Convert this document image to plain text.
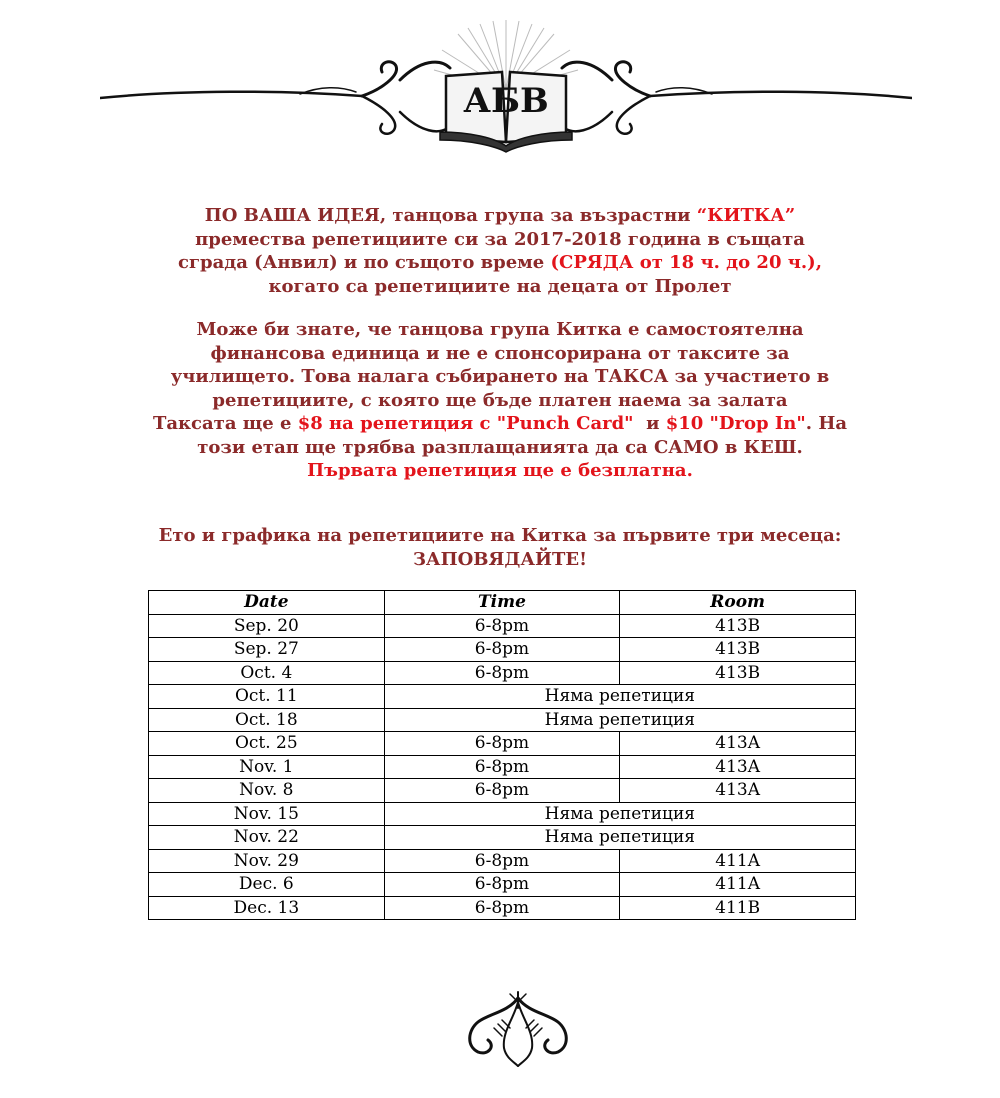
АБВ
ПО ВАША ИДЕЯ, танцова група за възрастни “КИТКА”
премества репетициите си за 2017-2018 година в същата
сграда (Анвил) и по същото време (СРЯДА от 18 ч. до 20 ч.),
когато са репетициите на децата от Пролет
Може би знате, че танцова група Китка е самостоятелна
финансова единица и не е спонсорирана от таксите за
училището. Това налага събирането на ТАКСА за участието в
репетициите, с която ще бъде платен наема за залата
Таксата ще е $8 на репетиция с "Punch Card"  и $10 "Drop In". На
този етап ще трябва разплащанията да са САМО в КЕШ.
Първата репетиция ще е безплатна.
Ето и графика на репетициите на Китка за първите три месеца:
ЗАПОВЯДАЙТЕ!
Date	Time	Room
Sep. 20	6-8pm	413B
Sep. 27	6-8pm	413B
Oct. 4	6-8pm	413B
Oct. 11	Няма репетиция	
Oct. 18	Няма репетиция	
Oct. 25	6-8pm	413A
Nov. 1	6-8pm	413A
Nov. 8	6-8pm	413A
Nov. 15	Няма репетиция	
Nov. 22	Няма репетиция	
Nov. 29	6-8pm	411A
Dec. 6	6-8pm	411A
Dec. 13	6-8pm	411B
